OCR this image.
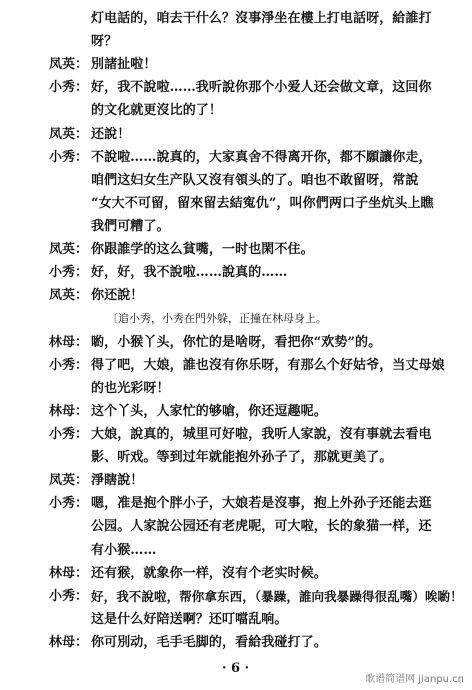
灯电話的，咱去干什么？沒事淨坐在樓上打电話呀，給誰打
呀？
凤英： 別諸扯啦！
小秀： 好，我不說啦……我听說你那个小爱人还会做文章，这回你
的文化就更沒比的了！
凤英： 还說！
小秀： 不說啦……說真的，大家真舍不得离开你，都不願讓你走，
咱們这妇女生产队又沒有領头的了。咱也不敢留呀，常說
“女大不可留，留來留去結寃仇”，叫你們两口子坐炕头上瞧
我們可糟了。
凤英： 你跟誰学的这么貧嘴，一时也閑不住。
小秀： 好，好，我不說啦……說真的……
凤英： 你还說！
〔追小秀，小秀在門外躲，正撞在林母身上。
林母： 喲，小猴丫头，你忙的是啥呀，看把你“欢势”的。
小秀： 得了吧，大娘，誰也沒有你乐呀，有那么个好姑爷，当丈母娘
的也光彩呀！
林母： 这个丫头，人家忙的够嗆，你还逗趣呢。
小秀： 大娘，說真的，城里可好啦，我听人家說，沒有事就去看电
影、听戏。等到过年就能抱外孙子了，那就更美了。
凤英： 淨瞎說！
小秀： 嗯，准是抱个胖小子，大娘若是沒事，抱上外孙子还能去逛
公园。人家說公园还有老虎呢，可大啦，长的象猫一样，还
有小猴……
林母： 还有猴，就象你一样，沒有个老实时候。
小秀： 好，我不說啦，帮你拿东西，（暴躁，誰向我暴躁得很乱嘴）唉喲！
这是什么好陪送啊？还叮噹乱响。
林母： 你可別动，毛手毛脚的，看給我碰打了。
· 6 ·
歌谱简谱网 jianpu.cn
